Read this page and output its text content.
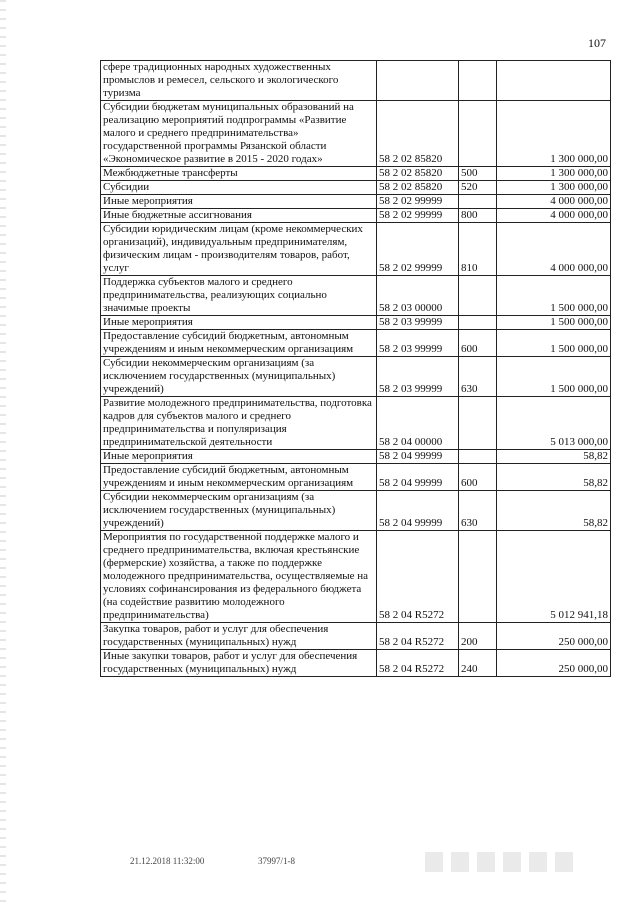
107
сфере традиционных народных художественных промыслов и ремесел, сельского и экологического туризма			
Субсидии бюджетам муниципальных образований на реализацию мероприятий подпрограммы «Развитие малого и среднего предпринимательства» государственной программы Рязанской области «Экономическое развитие в 2015 - 2020 годах»	58 2 02 85820		1 300 000,00
Межбюджетные трансферты	58 2 02 85820	500	1 300 000,00
Субсидии	58 2 02 85820	520	1 300 000,00
Иные мероприятия	58 2 02 99999		4 000 000,00
Иные бюджетные ассигнования	58 2 02 99999	800	4 000 000,00
Субсидии юридическим лицам (кроме некоммерческих организаций), индивидуальным предпринимателям, физическим лицам - производителям товаров, работ, услуг	58 2 02 99999	810	4 000 000,00
Поддержка субъектов малого и среднего предпринимательства, реализующих социально значимые проекты	58 2 03 00000		1 500 000,00
Иные мероприятия	58 2 03 99999		1 500 000,00
Предоставление субсидий бюджетным, автономным учреждениям и иным некоммерческим организациям	58 2 03 99999	600	1 500 000,00
Субсидии некоммерческим организациям (за исключением государственных (муниципальных) учреждений)	58 2 03 99999	630	1 500 000,00
Развитие молодежного предпринимательства, подготовка кадров для субъектов малого и среднего предпринимательства и популяризация предпринимательской деятельности	58 2 04 00000		5 013 000,00
Иные мероприятия	58 2 04 99999		58,82
Предоставление субсидий бюджетным, автономным учреждениям и иным некоммерческим организациям	58 2 04 99999	600	58,82
Субсидии некоммерческим организациям (за исключением государственных (муниципальных) учреждений)	58 2 04 99999	630	58,82
Мероприятия по государственной поддержке малого и среднего предпринимательства, включая крестьянские (фермерские) хозяйства, а также по поддержке молодежного предпринимательства, осуществляемые на условиях софинансирования из федерального бюджета (на содействие развитию молодежного предпринимательства)	58 2 04 R5272		5 012 941,18
Закупка товаров, работ и услуг для обеспечения государственных (муниципальных) нужд	58 2 04 R5272	200	250 000,00
Иные закупки товаров, работ и услуг для обеспечения государственных (муниципальных) нужд	58 2 04 R5272	240	250 000,00
21.12.2018 11:32:00	37997/1-8
